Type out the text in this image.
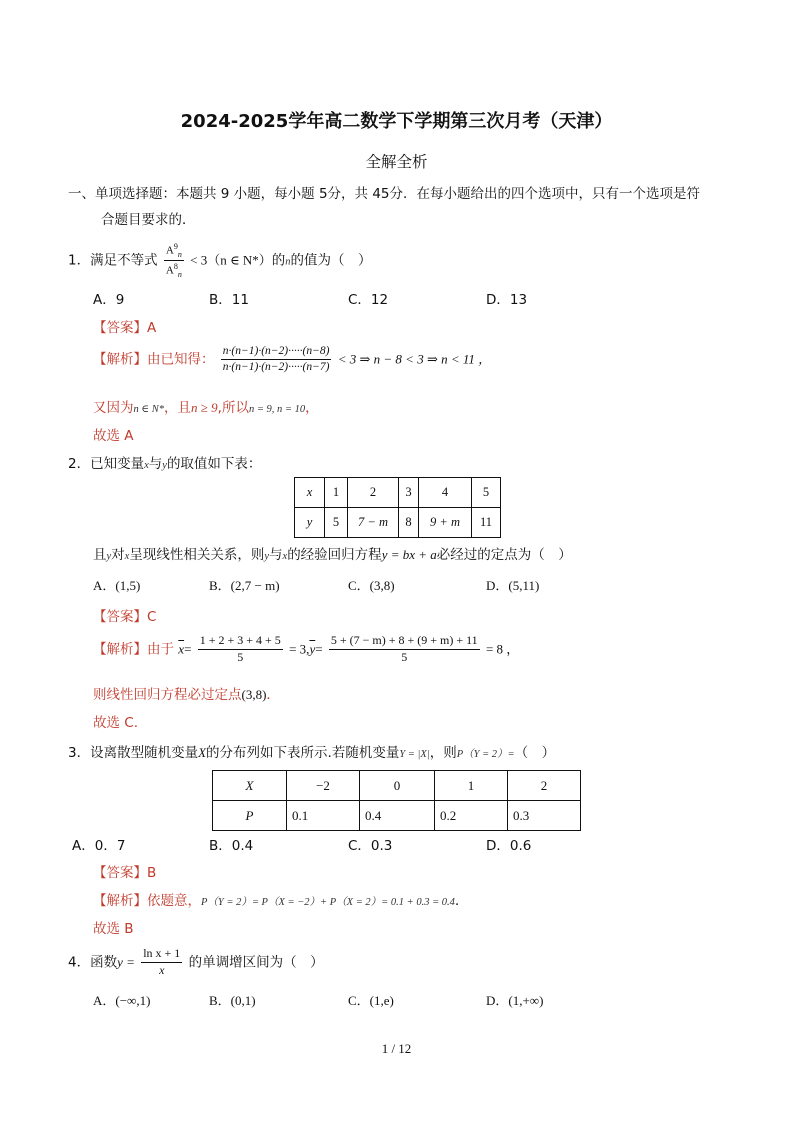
2024-2025学年高二数学下学期第三次月考（天津）
全解全析
一、单项选择题：本题共 9 小题，每小题 5分，共 45分．在每小题给出的四个选项中，只有一个选项是符
合题目要求的．
1．满足不等式 $\frac{A^9_n}{A^8_n} < 3(n$ ∈ N*）的n的值为（　）
A．9	B．11	C．12	D．13
【答案】A
【解析】由已知得： $\frac{n\cdot(n-1)\cdot(n-2)\cdot\cdot\cdot\cdot\cdot(n-8)}{n\cdot(n-1)\cdot(n-2)\cdot\cdot\cdot\cdot\cdot(n-7)} < 3$ ⇒ n − 8 < 3 ⇒ n < 11 ，
又因为n ∈ N*，且n ≥ 9,所以n = 9, n = 10，
故选 A
2．已知变量x与y的取值如下表：
x	1	2	3	4	5
y	5	7 − m	8	9 + m	11
且y对x呈现线性相关关系，则y与x的经验回归方程y = bx + a必经过的定点为（　）
A．(1,5)	B．(2,7 − m)	C．(3,8)	D．(5,11)
【答案】C
【解析】由于 $\overline{x}= \frac{1 + 2 + 3 + 4 + 5}{5} = 3,\overline{y}= \frac{5 + (7 - m) + 8 + (9 + m) + 11}{5} = 8$ ，
则线性回归方程必过定点(3,8)．
故选 C.
3．设离散型随机变量X的分布列如下表所示.若随机变量Y = |X|，则P（Y = 2）=（　）
X	−2	0	1	2
P	0.1	0.4	0.2	0.3
A．0．7	B．0.4	C．0.3	D．0.6
【答案】B
【解析】依题意，P（Y = 2）= P（X = −2）+ P（X = 2）= 0.1 + 0.3 = 0.4．
故选 B
4．函数$y = \frac{\text{ln x + 1}}{x}$ 的单调增区间为（　）
A．(−∞,1)	B．(0,1)	C．(1,e)	D．(1,+∞)
1 / 12
